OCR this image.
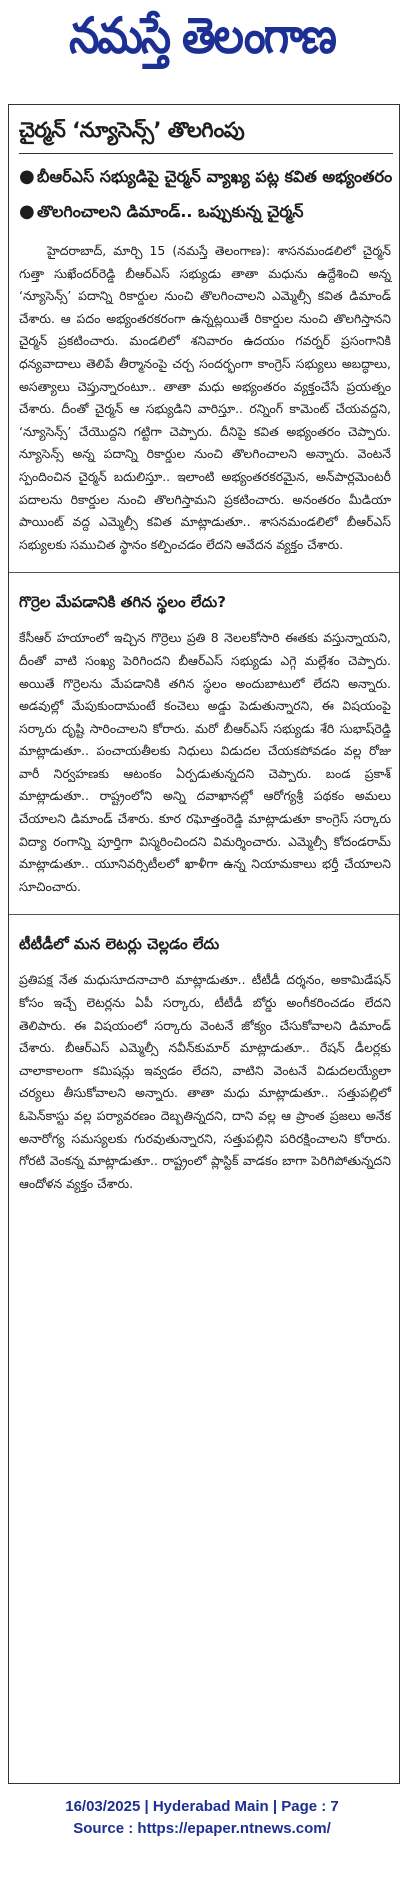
నమస్తే తెలంగాణ
చైర్మన్ ‘న్యూసెన్స్’ తొలగింపు
● బీఆర్ఎస్ సభ్యుడిపై చైర్మన్ వ్యాఖ్య పట్ల కవిత అభ్యంతరం
● తొలగించాలని డిమాండ్.. ఒప్పుకున్న చైర్మన్

హైదరాబాద్, మార్చి 15 (నమస్తే తెలంగాణ): శాసనమండలిలో చైర్మన్ గుత్తా సుఖేందర్‌రెడ్డి బీఆర్ఎస్ సభ్యుడు తాతా మధును ఉద్దేశించి అన్న ‘న్యూసెన్స్’ పదాన్ని రికార్డుల నుంచి తొలగించాలని ఎమ్మెల్సీ కవిత డిమాండ్ చేశారు. ఆ పదం అభ్యంతరకరంగా ఉన్నట్లయితే రికార్డుల నుంచి తొలగిస్తానని చైర్మన్ ప్రకటించారు. మండలిలో శనివారం ఉదయం గవర్నర్ ప్రసంగానికి ధన్యవాదాలు తెలిపే తీర్మానంపై చర్చ సందర్భంగా కాంగ్రెస్ సభ్యులు అబద్ధాలు, అసత్యాలు చెప్తున్నారంటూ.. తాతా మధు అభ్యంతరం వ్యక్తంచేసే ప్రయత్నం చేశారు. దీంతో చైర్మన్ ఆ సభ్యుడిని వారిస్తూ.. రన్నింగ్ కామెంట్ చేయవద్దని, ‘న్యూసెన్స్’ చేయొద్దని గట్టిగా చెప్పారు. దీనిపై కవిత అభ్యంతరం చెప్పారు. న్యూసెన్స్ అన్న పదాన్ని రికార్డుల నుంచి తొలగించాలని అన్నారు. వెంటనే స్పందించిన చైర్మన్ బదులిస్తూ.. ఇలాంటి అభ్యంతరకరమైన, అన్‌పార్లమెంటరీ పదాలను రికార్డుల నుంచి తొలగిస్తామని ప్రకటించారు. అనంతరం మీడియా పాయింట్ వద్ద ఎమ్మెల్సీ కవిత మాట్లాడుతూ.. శాసనమండలిలో బీఆర్ఎస్ సభ్యులకు సముచిత స్థానం కల్పించడం లేదని ఆవేదన వ్యక్తం చేశారు.

గొర్రెల మేపడానికి తగిన స్థలం లేదు?

కేసీఆర్ హయాంలో ఇచ్చిన గొర్రెలు ప్రతి 8 నెలలకోసారి ఈతకు వస్తున్నాయని, దీంతో వాటి సంఖ్య పెరిగిందని బీఆర్ఎస్ సభ్యుడు ఎగ్గె మల్లేశం చెప్పారు. అయితే గొర్రెలను మేపడానికి తగిన స్థలం అందుబాటులో లేదని అన్నారు. అడవుల్లో మేపుకుందామంటే కంచెలు అడ్డు పెడుతున్నారని, ఈ విషయంపై సర్కారు దృష్టి సారించాలని కోరారు. మరో బీఆర్ఎస్ సభ్యుడు శేరి సుభాష్‌రెడ్డి మాట్లాడుతూ.. పంచాయతీలకు నిధులు విడుదల చేయకపోవడం వల్ల రోజు వారీ నిర్వహణకు ఆటంకం ఏర్పడుతున్నదని చెప్పారు. బండ ప్రకాశ్ మాట్లాడుతూ.. రాష్ట్రంలోని అన్ని దవాఖానల్లో ఆరోగ్యశ్రీ పథకం అమలు చేయాలని డిమాండ్ చేశారు. కూర రఘోత్తంరెడ్డి మాట్లాడుతూ కాంగ్రెస్ సర్కారు విద్యా రంగాన్ని పూర్తిగా విస్మరించిందని విమర్శించారు. ఎమ్మెల్సీ కోదండరామ్ మాట్లాడుతూ.. యూనివర్సిటీలలో ఖాళీగా ఉన్న నియామకాలు భర్తీ చేయాలని సూచించారు.

టీటీడీలో మన లెటర్లు చెల్లడం లేదు

ప్రతిపక్ష నేత మధుసూదనాచారి మాట్లాడుతూ.. టీటీడీ దర్శనం, అకామిడేషన్ కోసం ఇచ్చే లెటర్లను ఏపీ సర్కారు, టీటీడీ బోర్డు అంగీకరించడం లేదని తెలిపారు. ఈ విషయంలో సర్కారు వెంటనే జోక్యం చేసుకోవాలని డిమాండ్ చేశారు. బీఆర్ఎస్ ఎమ్మెల్సీ నవీన్‌కుమార్ మాట్లాడుతూ.. రేషన్ డీలర్లకు చాలాకాలంగా కమిషన్లు ఇవ్వడం లేదని, వాటిని వెంటనే విడుదలయ్యేలా చర్యలు తీసుకోవాలని అన్నారు. తాతా మధు మాట్లాడుతూ.. సత్తుపల్లిలో ఓపెన్‌కాస్టు వల్ల పర్యావరణం దెబ్బతిన్నదని, దాని వల్ల ఆ ప్రాంత ప్రజలు అనేక అనారోగ్య సమస్యలకు గురవుతున్నారని, సత్తుపల్లిని పరిరక్షించాలని కోరారు. గోరటి వెంకన్న మాట్లాడుతూ.. రాష్ట్రంలో ప్లాస్టిక్ వాడకం బాగా పెరిగిపోతున్నదని ఆందోళన వ్యక్తం చేశారు.

16/03/2025 | Hyderabad Main | Page : 7
Source : https://epaper.ntnews.com/
